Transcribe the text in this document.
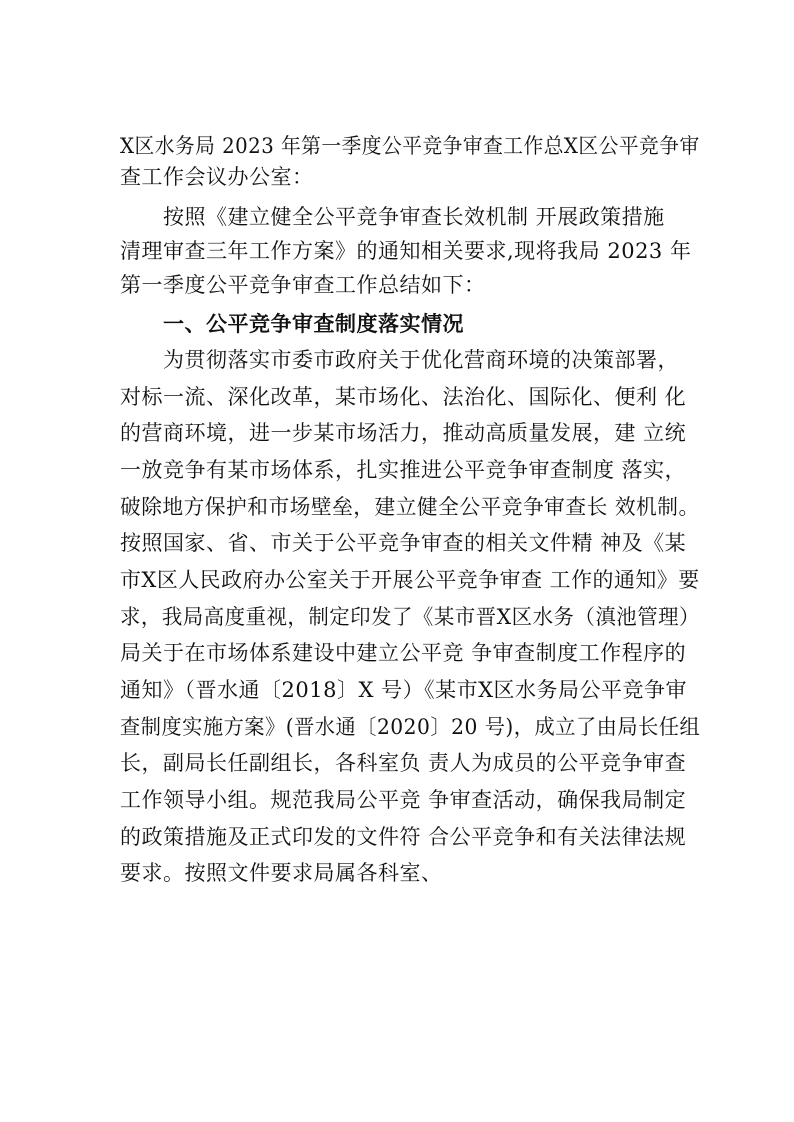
X区水务局 2023 年第一季度公平竞争审查工作总X区公平竞争审
查工作会议办公室：
按照《建立健全公平竞争审查长效机制 开展政策措施
清理审查三年工作方案》的通知相关要求,现将我局 2023 年
第一季度公平竞争审查工作总结如下：
一、公平竞争审查制度落实情况
为贯彻落实市委市政府关于优化营商环境的决策部署，
对标一流、深化改革，某市场化、法治化、国际化、便利 化
的营商环境，进一步某市场活力，推动高质量发展，建 立统
一放竞争有某市场体系，扎实推进公平竞争审查制度 落实，
破除地方保护和市场壁垒，建立健全公平竞争审查长 效机制。
按照国家、省、市关于公平竞争审查的相关文件精 神及《某
市X区人民政府办公室关于开展公平竞争审查 工作的通知》要
求，我局高度重视，制定印发了《某市晋X区水务（滇池管理）
局关于在市场体系建设中建立公平竞 争审查制度工作程序的
通知》（晋水通〔2018〕X 号）《某市X区水务局公平竞争审
查制度实施方案》(晋水通〔2020〕20 号)，成立了由局长任组
长，副局长任副组长，各科室负 责人为成员的公平竞争审查
工作领导小组。规范我局公平竞 争审查活动，确保我局制定
的政策措施及正式印发的文件符 合公平竞争和有关法律法规
要求。按照文件要求局属各科室、
